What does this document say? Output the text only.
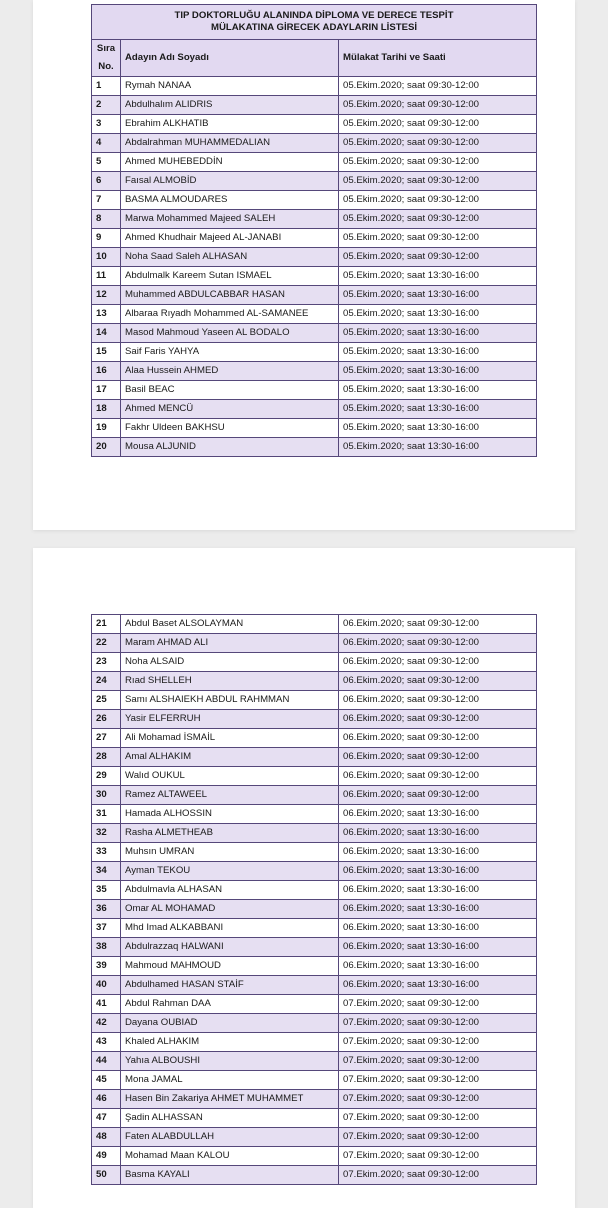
TIP DOKTORLUĞU ALANINDA DİPLOMA VE DERECE TESPİT
MÜLAKATINA GİRECEK ADAYLARIN LİSTESİ		

Sıra
No.	Adayın Adı Soyadı	Mülakat Tarihi ve Saati
1	Rymah NANAA	05.Ekim.2020; saat 09:30-12:00
2	Abdulhalım ALIDRIS	05.Ekim.2020; saat 09:30-12:00
3	Ebrahim ALKHATIB	05.Ekim.2020; saat 09:30-12:00
4	Abdalrahman MUHAMMEDALIAN	05.Ekim.2020; saat 09:30-12:00
5	Ahmed MUHEBEDDİN	05.Ekim.2020; saat 09:30-12:00
6	Faısal ALMOBİD	05.Ekim.2020; saat 09:30-12:00
7	BASMA ALMOUDARES	05.Ekim.2020; saat 09:30-12:00
8	Marwa Mohammed Majeed SALEH	05.Ekim.2020; saat 09:30-12:00
9	Ahmed Khudhair Majeed AL-JANABI	05.Ekim.2020; saat 09:30-12:00
10	Noha Saad Saleh ALHASAN	05.Ekim.2020; saat 09:30-12:00
11	Abdulmalk Kareem Sutan ISMAEL	05.Ekim.2020; saat 13:30-16:00
12	Muhammed ABDULCABBAR HASAN	05.Ekim.2020; saat 13:30-16:00
13	Albaraa Rıyadh Mohammed AL-SAMANEE	05.Ekim.2020; saat 13:30-16:00
14	Masod Mahmoud Yaseen AL BODALO	05.Ekim.2020; saat 13:30-16:00
15	Saif Faris YAHYA	05.Ekim.2020; saat 13:30-16:00
16	Alaa Hussein AHMED	05.Ekim.2020; saat 13:30-16:00
17	Basil BEAC	05.Ekim.2020; saat 13:30-16:00
18	Ahmed MENCÜ	05.Ekim.2020; saat 13:30-16:00
19	Fakhr Uldeen BAKHSU	05.Ekim.2020; saat 13:30-16:00
20	Mousa ALJUNID	05.Ekim.2020; saat 13:30-16:00
21	Abdul Baset ALSOLAYMAN	06.Ekim.2020; saat 09:30-12:00
22	Maram AHMAD ALI	06.Ekim.2020; saat 09:30-12:00
23	Noha ALSAID	06.Ekim.2020; saat 09:30-12:00
24	Rıad SHELLEH	06.Ekim.2020; saat 09:30-12:00
25	Samı ALSHAIEKH ABDUL RAHMMAN	06.Ekim.2020; saat 09:30-12:00
26	Yasir ELFERRUH	06.Ekim.2020; saat 09:30-12:00
27	Ali Mohamad İSMAİL	06.Ekim.2020; saat 09:30-12:00
28	Amal ALHAKIM	06.Ekim.2020; saat 09:30-12:00
29	Walıd OUKUL	06.Ekim.2020; saat 09:30-12:00
30	Ramez ALTAWEEL	06.Ekim.2020; saat 09:30-12:00
31	Hamada ALHOSSIN	06.Ekim.2020; saat 13:30-16:00
32	Rasha ALMETHEAB	06.Ekim.2020; saat 13:30-16:00
33	Muhsın UMRAN	06.Ekim.2020; saat 13:30-16:00
34	Ayman TEKOU	06.Ekim.2020; saat 13:30-16:00
35	Abdulmavla ALHASAN	06.Ekim.2020; saat 13:30-16:00
36	Omar AL MOHAMAD	06.Ekim.2020; saat 13:30-16:00
37	Mhd Imad ALKABBANI	06.Ekim.2020; saat 13:30-16:00
38	Abdulrazzaq HALWANI	06.Ekim.2020; saat 13:30-16:00
39	Mahmoud MAHMOUD	06.Ekim.2020; saat 13:30-16:00
40	Abdulhamed HASAN STAİF	06.Ekim.2020; saat 13:30-16:00
41	Abdul Rahman DAA	07.Ekim.2020; saat 09:30-12:00
42	Dayana OUBIAD	07.Ekim.2020; saat 09:30-12:00
43	Khaled ALHAKIM	07.Ekim.2020; saat 09:30-12:00
44	Yahıa ALBOUSHI	07.Ekim.2020; saat 09:30-12:00
45	Mona JAMAL	07.Ekim.2020; saat 09:30-12:00
46	Hasen Bin Zakariya AHMET MUHAMMET	07.Ekim.2020; saat 09:30-12:00
47	Şadin ALHASSAN	07.Ekim.2020; saat 09:30-12:00
48	Faten ALABDULLAH	07.Ekim.2020; saat 09:30-12:00
49	Mohamad Maan KALOU	07.Ekim.2020; saat 09:30-12:00
50	Basma KAYALI	07.Ekim.2020; saat 09:30-12:00
